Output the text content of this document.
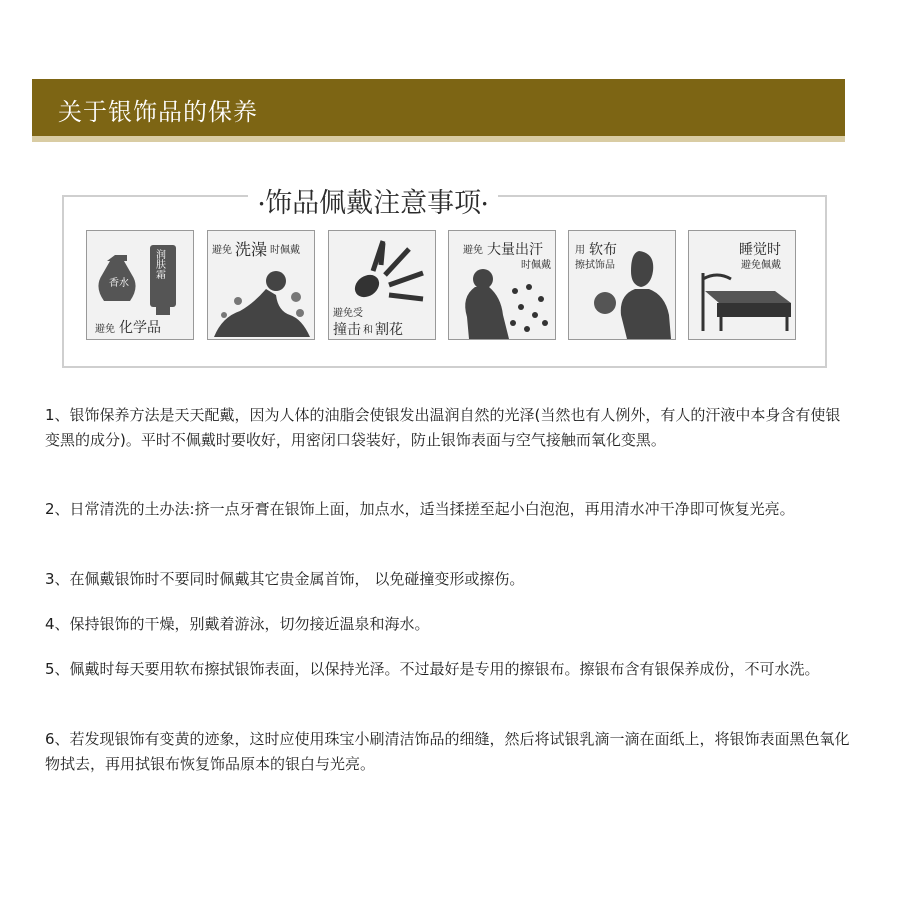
关于银饰品的保养
•饰品佩戴注意事项•
香水
润肤霜
避免 化学品
避免 洗澡 时佩戴
避免受
撞击 和 割花
避免 大量出汗
时佩戴
用 软布
擦拭饰品
睡觉时
避免佩戴
1、银饰保养方法是天天配戴，因为人体的油脂会使银发出温润自然的光泽(当然也有人例外，有人的汗液中本身含有使银变黑的成分)。平时不佩戴时要收好，用密闭口袋装好，防止银饰表面与空气接触而氧化变黑。
2、日常清洗的土办法:挤一点牙膏在银饰上面，加点水，适当揉搓至起小白泡泡，再用清水冲干净即可恢复光亮。
3、在佩戴银饰时不要同时佩戴其它贵金属首饰， 以免碰撞变形或擦伤。
4、保持银饰的干燥，别戴着游泳，切勿接近温泉和海水。
5、佩戴时每天要用软布擦拭银饰表面，以保持光泽。不过最好是专用的擦银布。擦银布含有银保养成份，不可水洗。
6、若发现银饰有变黄的迹象，这时应使用珠宝小刷清洁饰品的细缝，然后将试银乳滴一滴在面纸上，将银饰表面黑色氧化物拭去，再用拭银布恢复饰品原本的银白与光亮。
